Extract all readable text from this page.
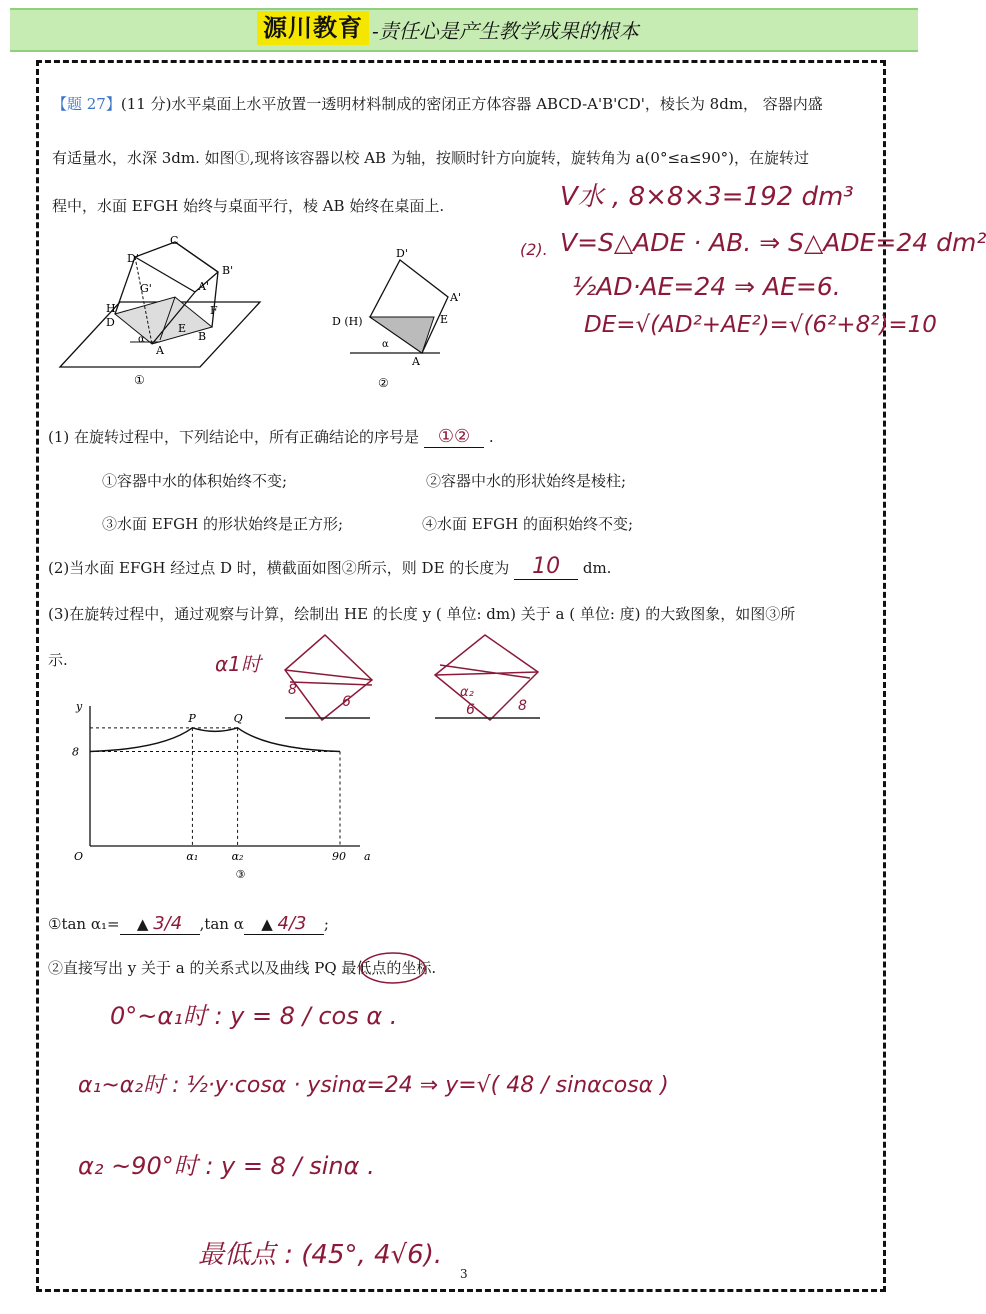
源川教育 -责任心是产生教学成果的根本
【题 27】(11 分)水平桌面上水平放置一透明材料制成的密闭正方体容器 ABCD-A'B'CD'，棱长为 8dm， 容器内盛
有适量水，水深 3dm. 如图①,现将该容器以校 AB 为轴，按顺时针方向旋转，旋转角为 a(0°≤a≤90°)，在旋转过
程中，水面 EFGH 始终与桌面平行，棱 AB 始终在桌面上.	V水 , 8×8×3=192 dm³
(2). V=S△ADE · AB. ⇒ S△ADE=24 dm²
½AD·AE=24 ⇒ AE=6.
DE=√(AD²+AE²)=√(6²+8²)=10
C
D'
B'
G'	A'
H
D	E
F
B
A
α
①
D'
A'
D (H)	E
A
α
②
(1) 在旋转过程中，下列结论中，所有正确结论的序号是 ①② .
①容器中水的体积始终不变;	②容器中水的形状始终是棱柱;
③水面 EFGH 的形状始终是正方形;	④水面 EFGH 的面积始终不变;
(2)当水面 EFGH 经过点 D 时，横截面如图②所示，则 DE 的长度为 10 dm.
(3)在旋转过程中，通过观察与计算，绘制出 HE 的长度 y ( 单位: dm) 关于 a ( 单位: 度) 的大致图象，如图③所
示.	α1时
8
6
α₂
6	8
8
O	α₁	α₂	90 a
y
P	Q
③
①tan α₁= ▲ 3/4 ,tan α ▲ 4/3 ;
②直接写出 y 关于 a 的关系式以及曲线 PQ 最低点的坐标.
0°~α₁时 : y = 8 / cos α .
α₁~α₂时 : ½·y·cosα · ysinα=24 ⇒ y=√( 48 / sinαcosα )
α₂ ~90°时 : y = 8 / sinα .
最低点 : (45°, 4√6).
3
